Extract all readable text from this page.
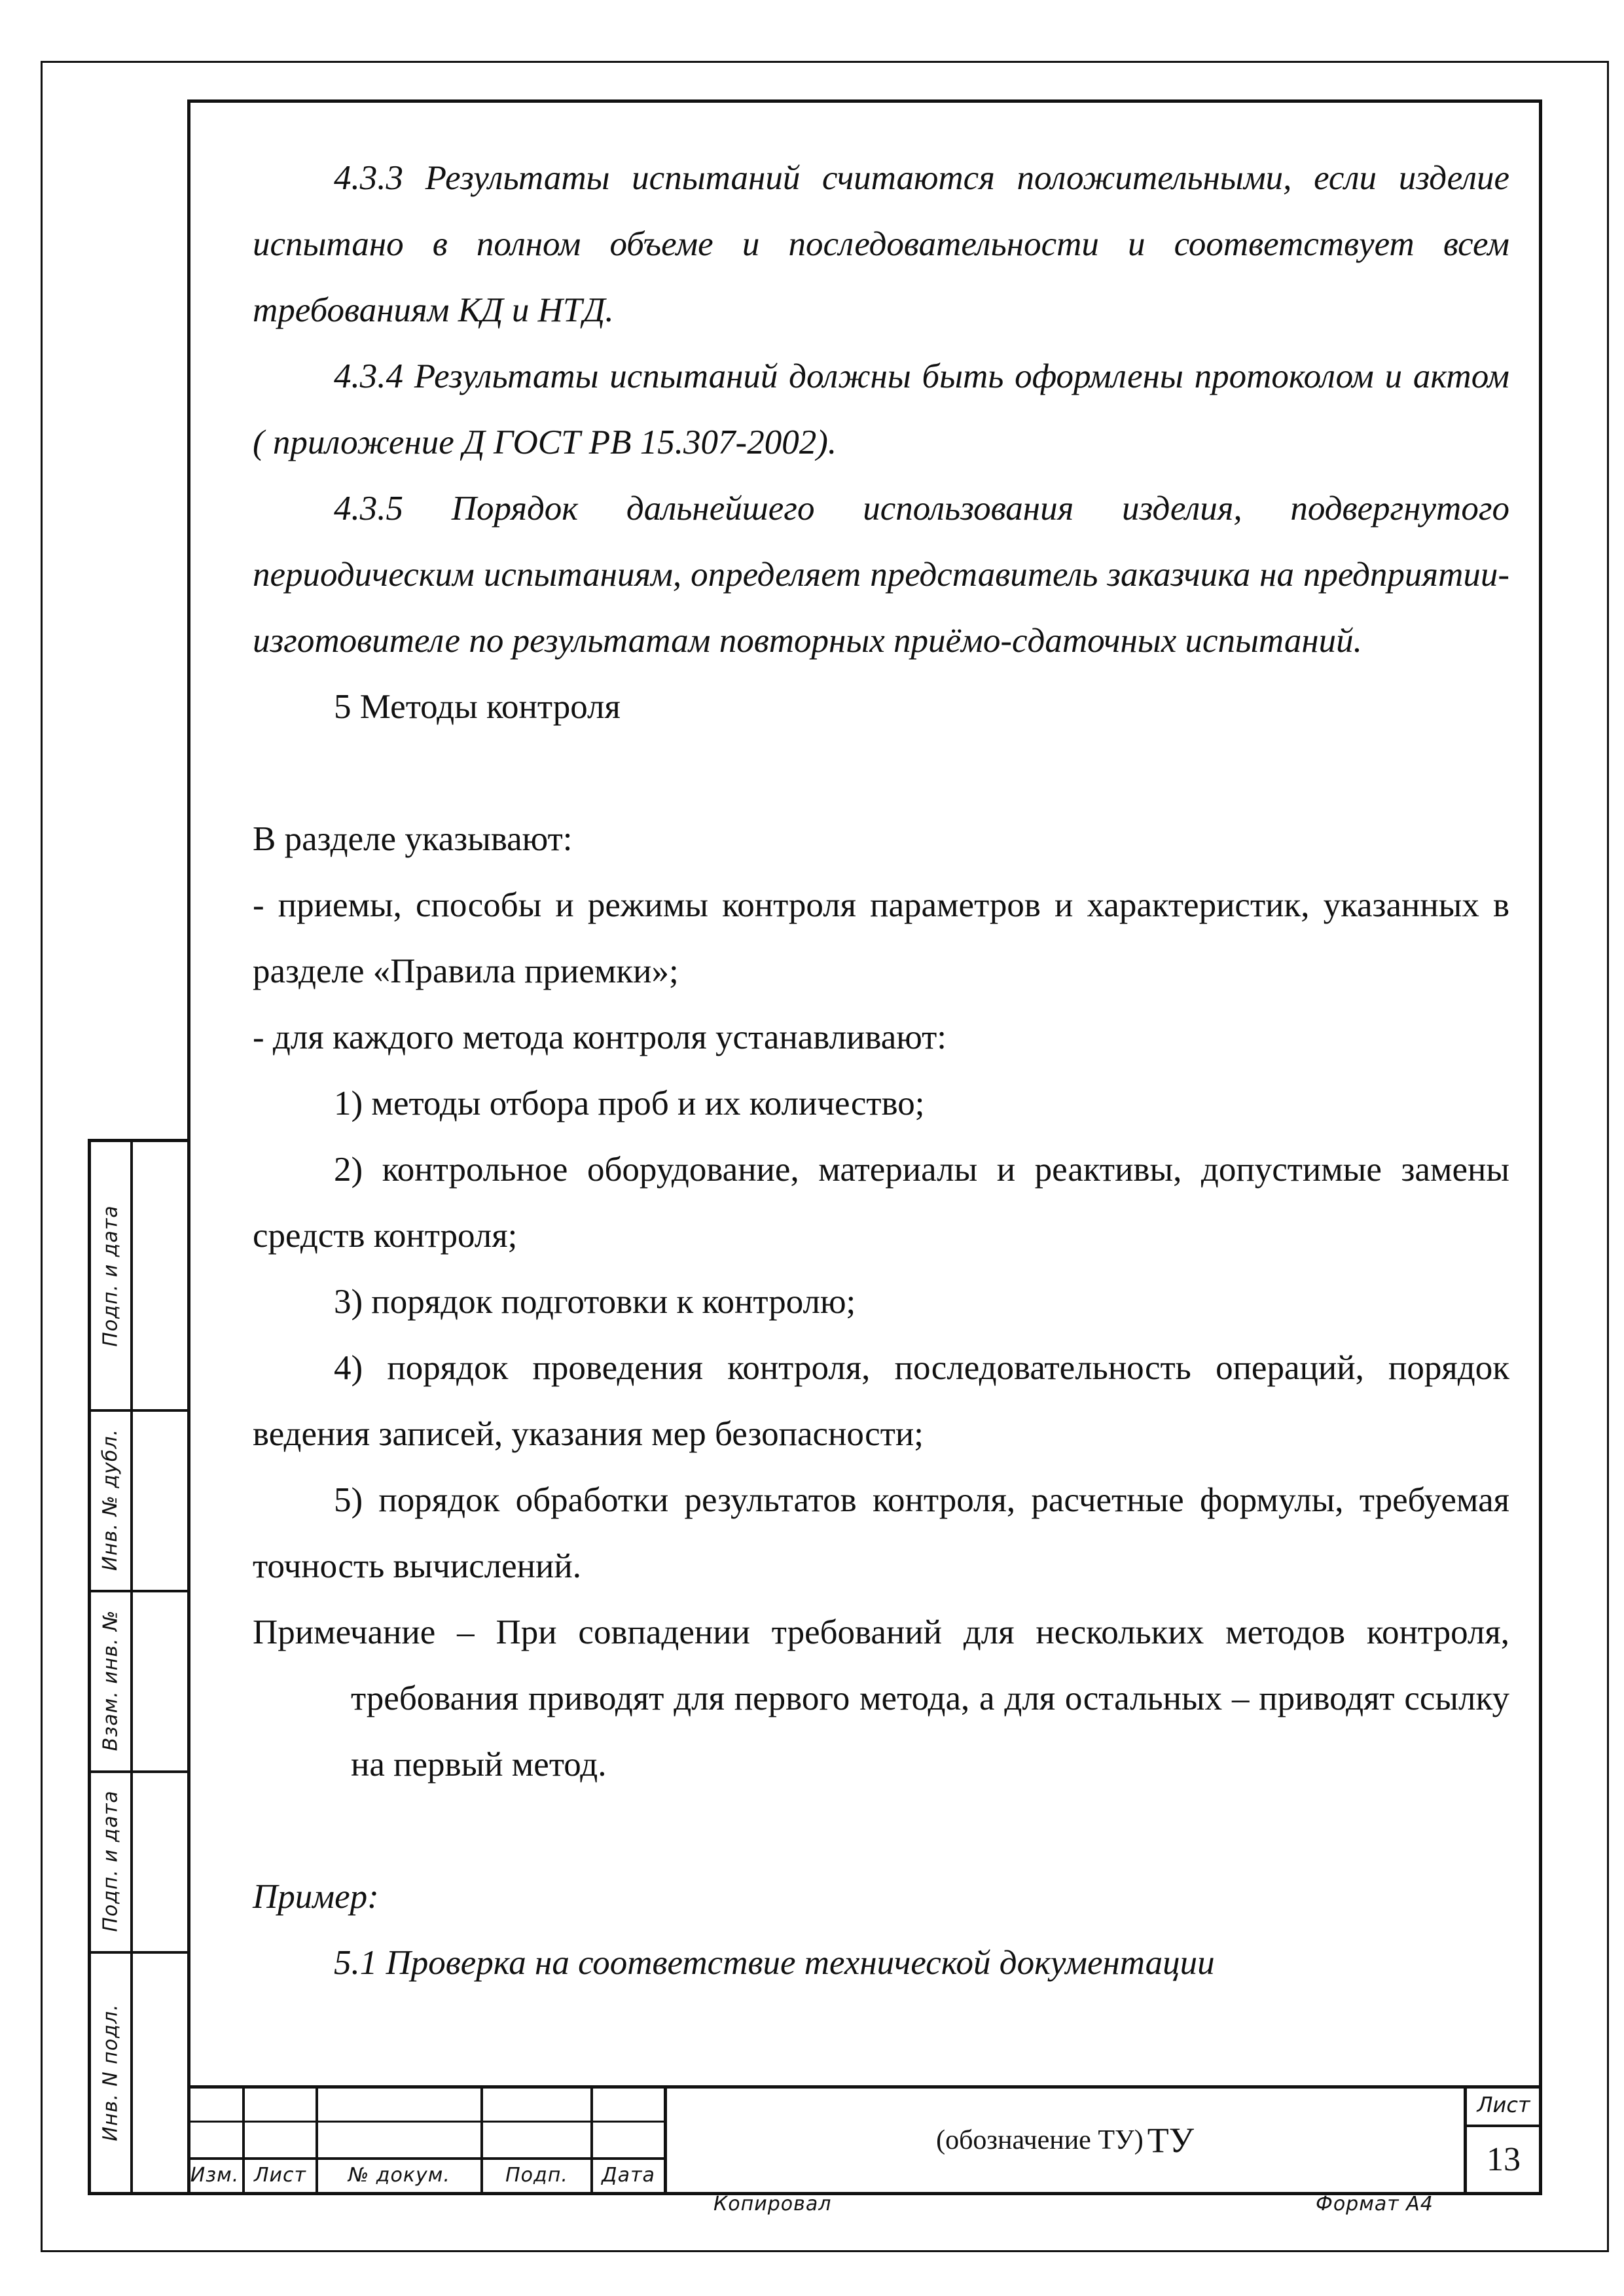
4.3.3 Результаты испытаний считаются положительными, если изделие испытано в полном объеме и последовательности и соответствует всем требованиям КД и НТД.

4.3.4 Результаты испытаний должны быть оформлены протоколом и актом ( приложение Д ГОСТ РВ 15.307-2002).

4.3.5 Порядок дальнейшего использования изделия, подвергнутого периодическим испытаниям, определяет представитель заказчика на предприятии-изготовителе по результатам повторных приёмо-сдаточных испытаний.

5 Методы контроля

В разделе указывают:

- приемы, способы и режимы контроля параметров и характеристик, указанных в разделе «Правила приемки»;

- для каждого метода контроля устанавливают:

1) методы отбора проб и их количество;

2) контрольное оборудование, материалы и реактивы, допустимые замены средств контроля;

3) порядок подготовки к контролю;

4) порядок проведения контроля, последовательность операций, порядок ведения записей, указания мер безопасности;

5) порядок обработки результатов контроля, расчетные формулы, требуемая точность вычислений.

Примечание – При совпадении требований для нескольких методов контроля, требования приводят для первого метода, а для остальных – приводят ссылку на первый метод.

Пример:

5.1 Проверка на соответствие технической документации

Подп. и дата
Инв. № дубл.
Взам. инв. №
Подп. и дата
Инв. N подл.
Изм. Лист	№ докум.	Подп.	Дата
(обозначение ТУ) ТУ
Лист
13
Копировал	Формат А4
